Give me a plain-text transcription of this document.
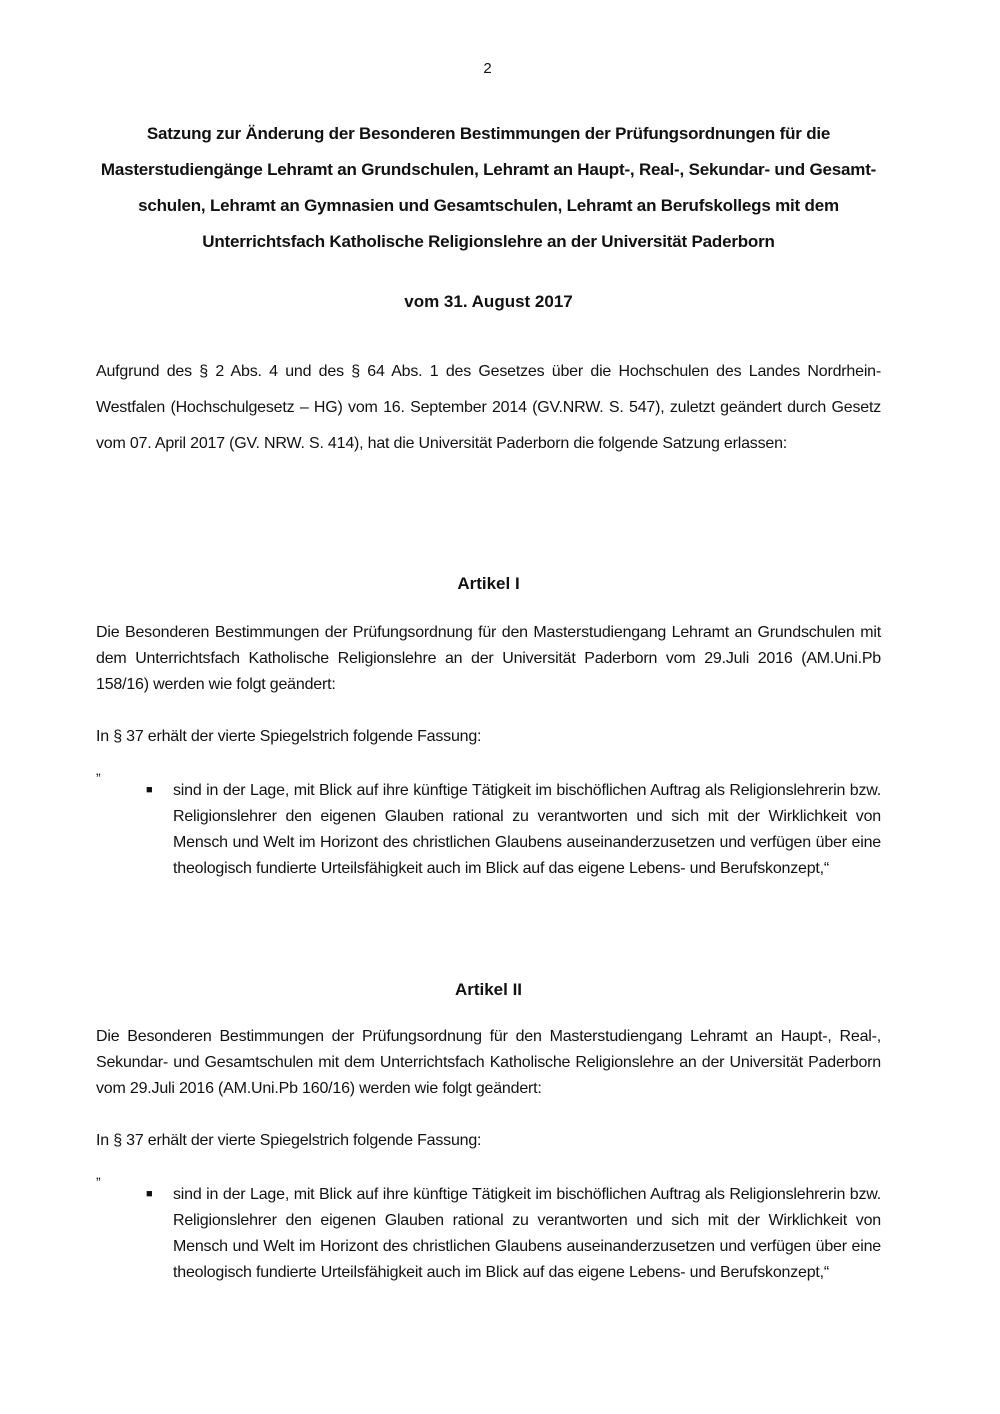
2
Satzung zur Änderung der Besonderen Bestimmungen der Prüfungsordnungen für die
Masterstudiengänge Lehramt an Grundschulen, Lehramt an Haupt-, Real-, Sekundar- und Gesamt-
schulen, Lehramt an Gymnasien und Gesamtschulen, Lehramt an Berufskollegs mit dem
Unterrichtsfach Katholische Religionslehre an der Universität Paderborn
vom 31. August 2017
Aufgrund des § 2 Abs. 4 und des § 64 Abs. 1 des Gesetzes über die Hochschulen des Landes Nordrhein-Westfalen (Hochschulgesetz – HG) vom 16. September 2014 (GV.NRW. S. 547), zuletzt geändert durch Gesetz vom 07. April 2017 (GV. NRW. S. 414), hat die Universität Paderborn die folgende Satzung erlassen:
Artikel I
Die Besonderen Bestimmungen der Prüfungsordnung für den Masterstudiengang Lehramt an Grundschulen mit dem Unterrichtsfach Katholische Religionslehre an der Universität Paderborn vom 29.Juli 2016 (AM.Uni.Pb 158/16) werden wie folgt geändert:
In § 37 erhält der vierte Spiegelstrich folgende Fassung:
„
■ sind in der Lage, mit Blick auf ihre künftige Tätigkeit im bischöflichen Auftrag als Religionslehrerin bzw. Religionslehrer den eigenen Glauben rational zu verantworten und sich mit der Wirklichkeit von Mensch und Welt im Horizont des christlichen Glaubens auseinanderzusetzen und verfügen über eine theologisch fundierte Urteilsfähigkeit auch im Blick auf das eigene Lebens- und Berufskonzept,“
Artikel II
Die Besonderen Bestimmungen der Prüfungsordnung für den Masterstudiengang Lehramt an Haupt-, Real-, Sekundar- und Gesamtschulen mit dem Unterrichtsfach Katholische Religionslehre an der Universität Paderborn vom 29.Juli 2016 (AM.Uni.Pb 160/16) werden wie folgt geändert:
In § 37 erhält der vierte Spiegelstrich folgende Fassung:
„
■ sind in der Lage, mit Blick auf ihre künftige Tätigkeit im bischöflichen Auftrag als Religionslehrerin bzw. Religionslehrer den eigenen Glauben rational zu verantworten und sich mit der Wirklichkeit von Mensch und Welt im Horizont des christlichen Glaubens auseinanderzusetzen und verfügen über eine theologisch fundierte Urteilsfähigkeit auch im Blick auf das eigene Lebens- und Berufskonzept,“
